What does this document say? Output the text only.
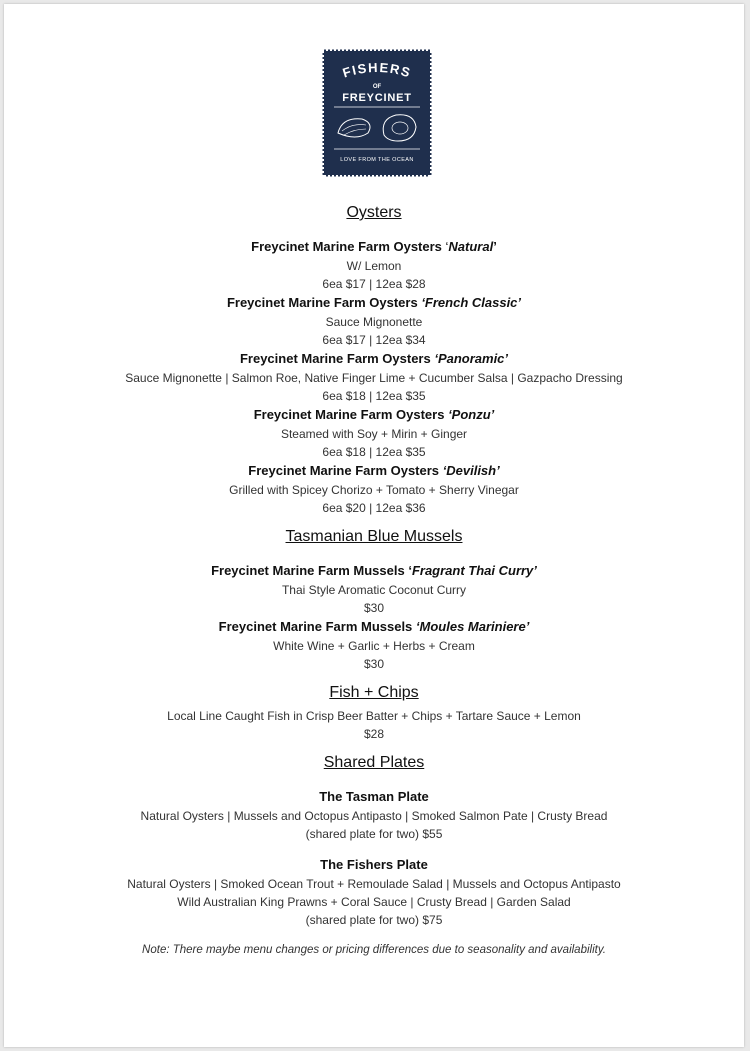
FISHERS
OF
FREYCINET
LOVE FROM THE OCEAN

Oysters

Freycinet Marine Farm Oysters ‘Natural’

W/ Lemon

6ea $17 | 12ea $28

Freycinet Marine Farm Oysters ‘French Classic’

Sauce Mignonette

6ea $17 | 12ea $34

Freycinet Marine Farm Oysters ‘Panoramic’

Sauce Mignonette | Salmon Roe, Native Finger Lime + Cucumber Salsa | Gazpacho Dressing

6ea $18 | 12ea $35

Freycinet Marine Farm Oysters ‘Ponzu’

Steamed with Soy + Mirin + Ginger

6ea $18 | 12ea $35

Freycinet Marine Farm Oysters ‘Devilish’

Grilled with Spicey Chorizo + Tomato + Sherry Vinegar

6ea $20 | 12ea $36

Tasmanian Blue Mussels

Freycinet Marine Farm Mussels ‘Fragrant Thai Curry’

Thai Style Aromatic Coconut Curry

$30

Freycinet Marine Farm Mussels ‘Moules Mariniere’

White Wine + Garlic + Herbs + Cream

$30

Fish + Chips

Local Line Caught Fish in Crisp Beer Batter + Chips + Tartare Sauce + Lemon

$28

Shared Plates

The Tasman Plate

Natural Oysters | Mussels and Octopus Antipasto | Smoked Salmon Pate | Crusty Bread

(shared plate for two) $55

The Fishers Plate

Natural Oysters | Smoked Ocean Trout + Remoulade Salad | Mussels and Octopus Antipasto

Wild Australian King Prawns + Coral Sauce | Crusty Bread | Garden Salad

(shared plate for two) $75

Note: There maybe menu changes or pricing differences due to seasonality and availability.
